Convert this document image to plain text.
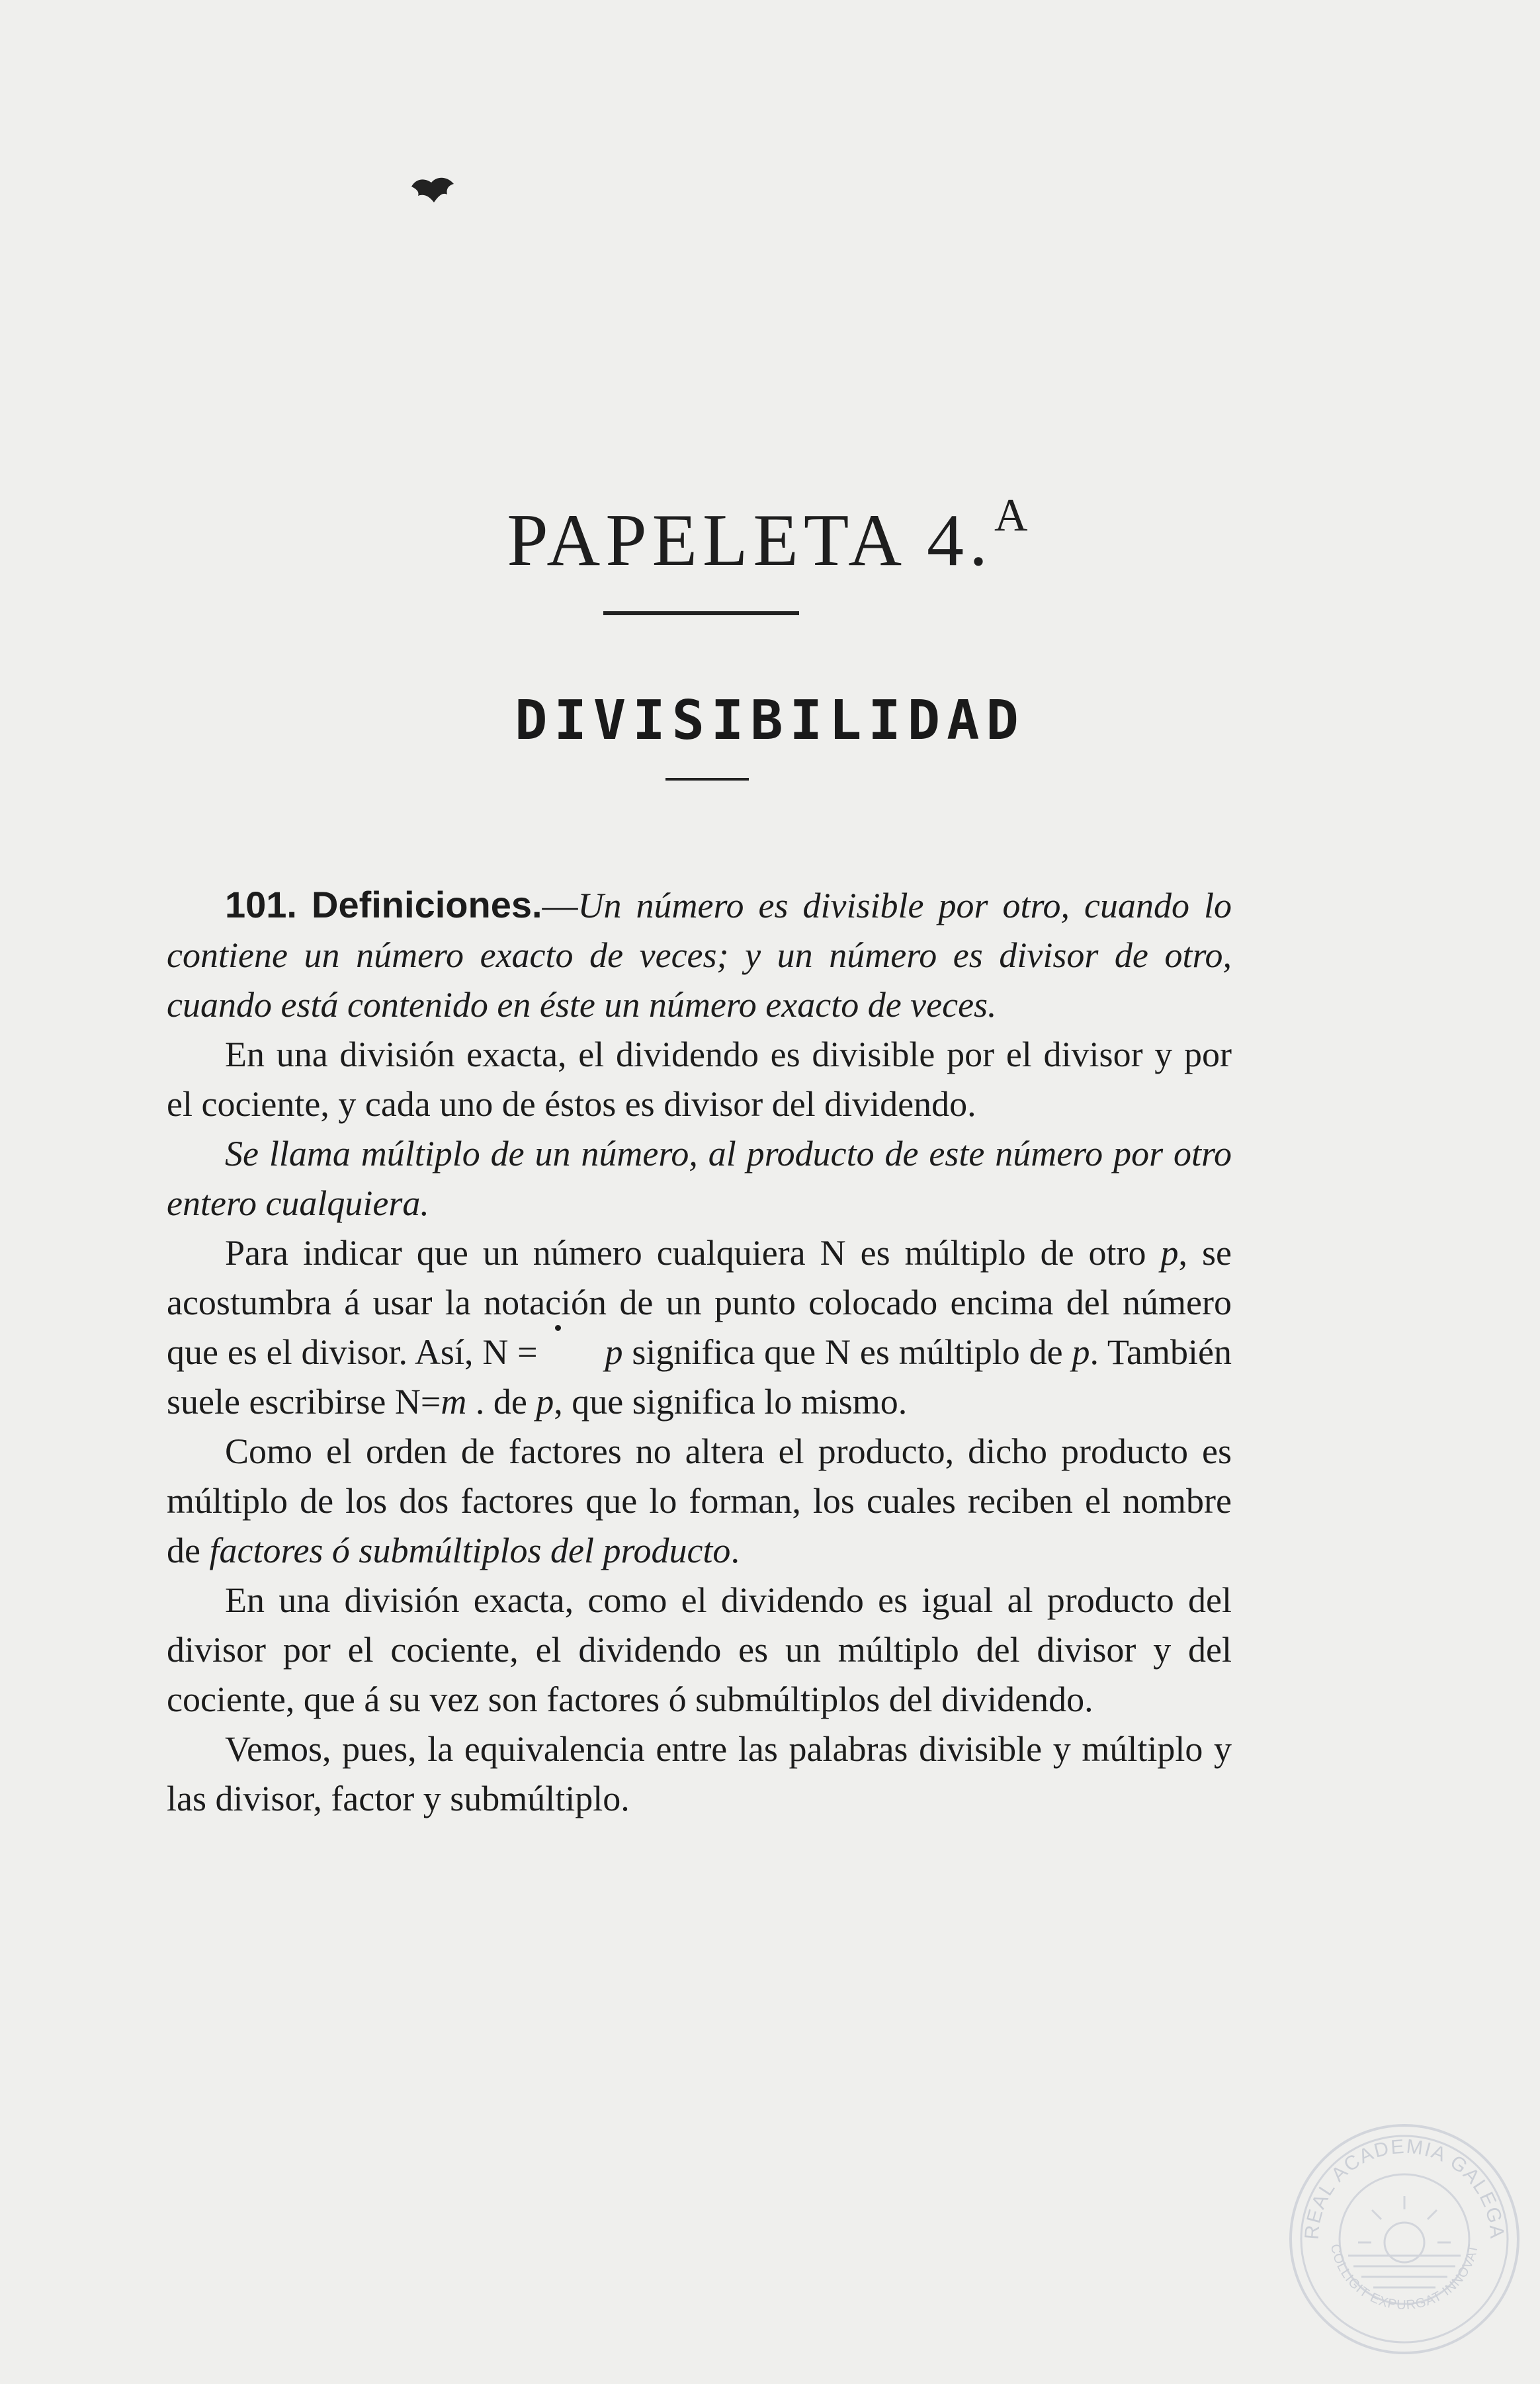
PAPELETA 4.$^A$
DIVISIBILIDAD

101. Definiciones.—Un número es divisible por otro, cuando lo contiene un número exacto de veces; y un número es divisor de otro, cuando está contenido en éste un número exacto de veces.

En una división exacta, el dividendo es divisible por el divisor y por el cociente, y cada uno de éstos es divisor del dividendo.

Se llama múltiplo de un número, al producto de este número por otro entero cualquiera.

Para indicar que un número cualquiera N es múltiplo de otro p, se acostumbra á usar la notación de un punto colocado encima del número que es el divisor. Así, N = p significa que N es múltiplo de p. También suele escribirse N=m . de p, que significa lo mismo.

Como el orden de factores no altera el producto, dicho producto es múltiplo de los dos factores que lo forman, los cuales reciben el nombre de factores ó submúltiplos del producto.

En una división exacta, como el dividendo es igual al producto del divisor por el cociente, el dividendo es un múltiplo del divisor y del cociente, que á su vez son factores ó submúltiplos del dividendo.

Vemos, pues, la equivalencia entre las palabras divisible y múltiplo y las divisor, factor y submúltiplo.

REAL ACADEMIA GALEGA
COLLIGIT EXPURGAT INNOVAT
